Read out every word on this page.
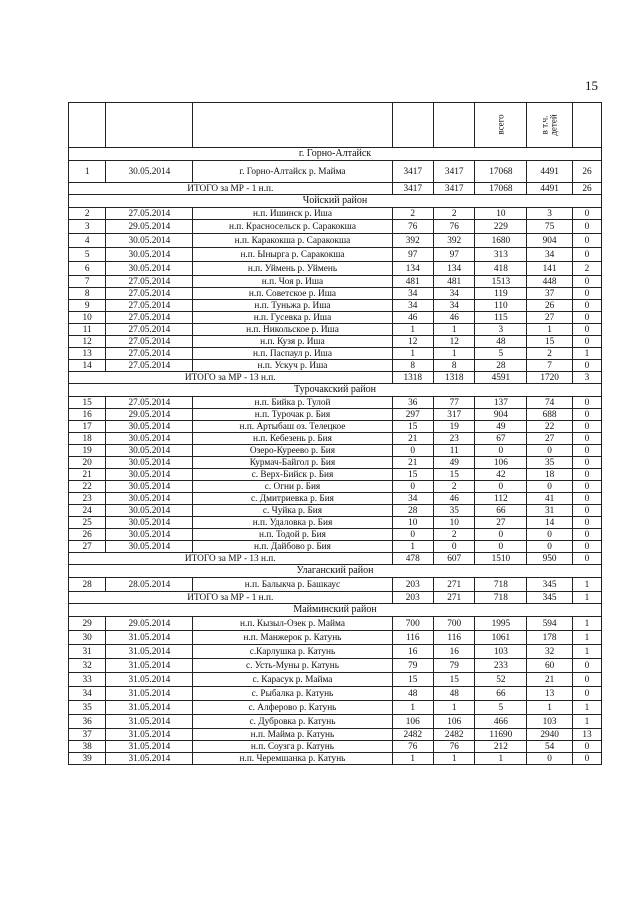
15
					всего	в т.ч.
детей	
г. Горно-Алтайск							
1	30.05.2014	г. Горно-Алтайск р. Майма	3417	3417	17068	4491	26
ИТОГО за МР - 1 н.п.			3417	3417	17068	4491	26
Чойский район							
2	27.05.2014	н.п. Ишинск р. Иша	2	2	10	3	0
3	29.05.2014	н.п. Красносельск р. Саракокша	76	76	229	75	0
4	30.05.2014	н.п. Каракокша р. Саракокша	392	392	1680	904	0
5	30.05.2014	н.п. Ынырга р. Саракокша	97	97	313	34	0
6	30.05.2014	н.п. Уймень р. Уймень	134	134	418	141	2
7	27.05.2014	н.п. Чоя р. Иша	481	481	1513	448	0
8	27.05.2014	н.п. Советское р. Иша	34	34	119	37	0
9	27.05.2014	н.п. Туньжа р. Иша	34	34	110	26	0
10	27.05.2014	н.п. Гусевка р. Иша	46	46	115	27	0
11	27.05.2014	н.п. Никольское р. Иша	1	1	3	1	0
12	27.05.2014	н.п. Кузя р. Иша	12	12	48	15	0
13	27.05.2014	н.п. Паспаул р. Иша	1	1	5	2	1
14	27.05.2014	н.п. Ускуч р. Иша	8	8	28	7	0
ИТОГО за МР - 13 н.п.			1318	1318	4591	1720	3
Турочакский район							
15	27.05.2014	н.п. Бийка р. Тулой	36	77	137	74	0
16	29.05.2014	н.п. Турочак р. Бия	297	317	904	688	0
17	30.05.2014	н.п. Артыбаш оз. Телецкое	15	19	49	22	0
18	30.05.2014	н.п. Кебезень р. Бия	21	23	67	27	0
19	30.05.2014	Озеро-Куреево р. Бия	0	11	0	0	0
20	30.05.2014	Курмач-Байгол р. Бия	21	49	106	35	0
21	30.05.2014	с. Верх-Бийск р. Бия	15	15	42	18	0
22	30.05.2014	с. Огни р. Бия	0	2	0	0	0
23	30.05.2014	с. Дмитриевка р. Бия	34	46	112	41	0
24	30.05.2014	с. Чуйка р. Бия	28	35	66	31	0
25	30.05.2014	н.п. Удаловка р. Бия	10	10	27	14	0
26	30.05.2014	н.п. Тодой р. Бия	0	2	0	0	0
27	30.05.2014	н.п. Дайбово р. Бия	1	0	0	0	0
ИТОГО за МР - 13 н.п.			478	607	1510	950	0
Улаганский район							
28	28.05.2014	н.п. Балыкча р. Башкаус	203	271	718	345	1
ИТОГО за МР - 1 н.п.			203	271	718	345	1
Майминский район							
29	29.05.2014	н.п. Кызыл-Озек р. Майма	700	700	1995	594	1
30	31.05.2014	н.п. Манжерок р. Катунь	116	116	1061	178	1
31	31.05.2014	с.Карлушка р. Катунь	16	16	103	32	1
32	31.05.2014	с. Усть-Муны р. Катунь	79	79	233	60	0
33	31.05.2014	с. Карасук р. Майма	15	15	52	21	0
34	31.05.2014	с. Рыбалка р. Катунь	48	48	66	13	0
35	31.05.2014	с. Алферово р. Катунь	1	1	5	1	1
36	31.05.2014	с. Дубровка р. Катунь	106	106	466	103	1
37	31.05.2014	н.п. Майма р. Катунь	2482	2482	11690	2940	13
38	31.05.2014	н.п. Соузга р. Катунь	76	76	212	54	0
39	31.05.2014	н.п. Черемшанка р. Катунь	1	1	1	0	0
